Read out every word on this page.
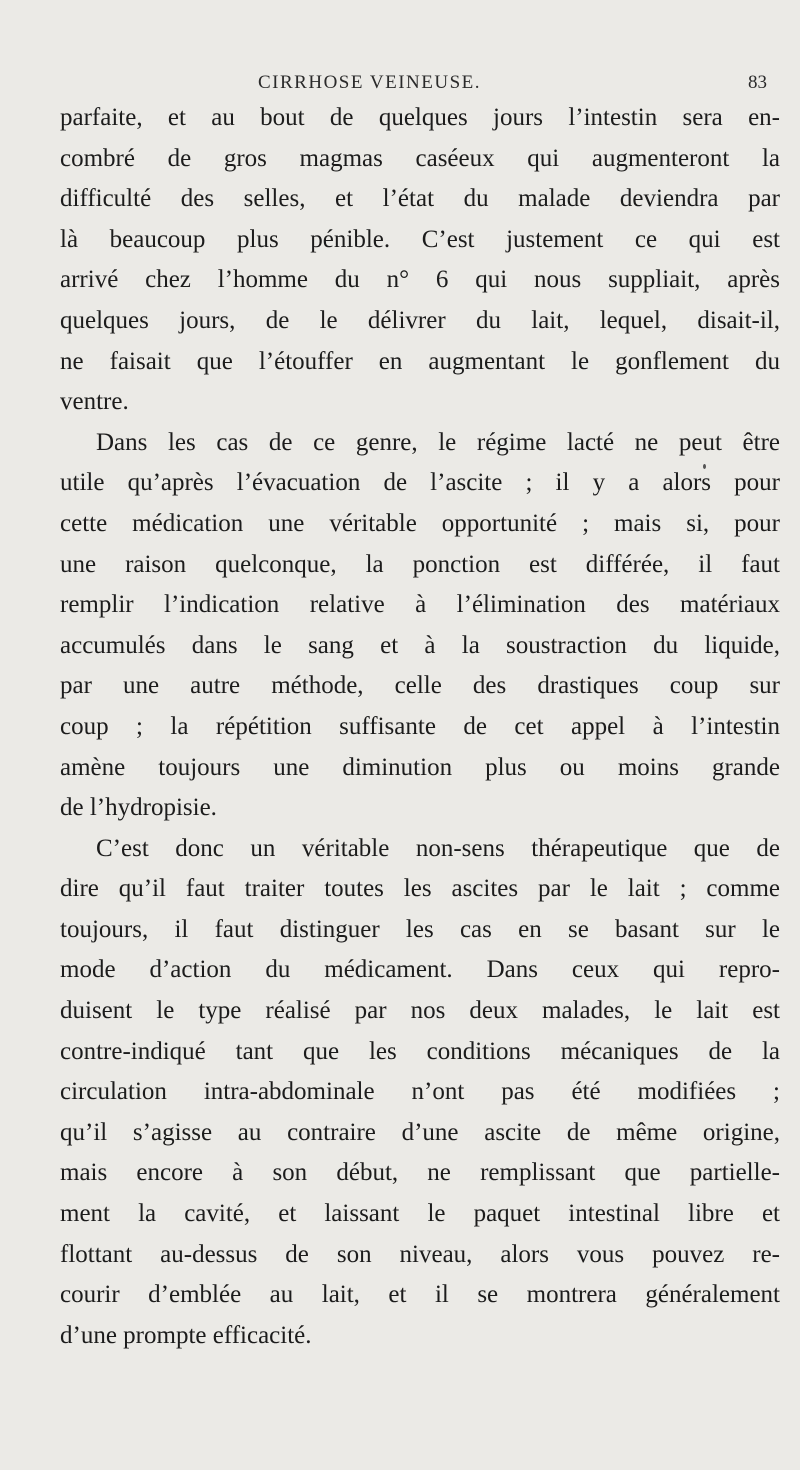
CIRRHOSE VEINEUSE.	83
parfaite, et au bout de quelques jours l’intestin sera en-
combré de gros magmas caséeux qui augmenteront la
difficulté des selles, et l’état du malade deviendra par
là beaucoup plus pénible. C’est justement ce qui est
arrivé chez l’homme du n° 6 qui nous suppliait, après
quelques jours, de le délivrer du lait, lequel, disait-il,
ne faisait que l’étouffer en augmentant le gonflement du
ventre.
Dans les cas de ce genre, le régime lacté ne peut être
utile qu’après l’évacuation de l’ascite ; il y a alors pour
cette médication une véritable opportunité ; mais si, pour
une raison quelconque, la ponction est différée, il faut
remplir l’indication relative à l’élimination des matériaux
accumulés dans le sang et à la soustraction du liquide,
par une autre méthode, celle des drastiques coup sur
coup ; la répétition suffisante de cet appel à l’intestin
amène toujours une diminution plus ou moins grande
de l’hydropisie.
C’est donc un véritable non-sens thérapeutique que de
dire qu’il faut traiter toutes les ascites par le lait ; comme
toujours, il faut distinguer les cas en se basant sur le
mode d’action du médicament. Dans ceux qui repro-
duisent le type réalisé par nos deux malades, le lait est
contre-indiqué tant que les conditions mécaniques de la
circulation intra-abdominale n’ont pas été modifiées ;
qu’il s’agisse au contraire d’une ascite de même origine,
mais encore à son début, ne remplissant que partielle-
ment la cavité, et laissant le paquet intestinal libre et
flottant au-dessus de son niveau, alors vous pouvez re-
courir d’emblée au lait, et il se montrera généralement
d’une prompte efficacité.
